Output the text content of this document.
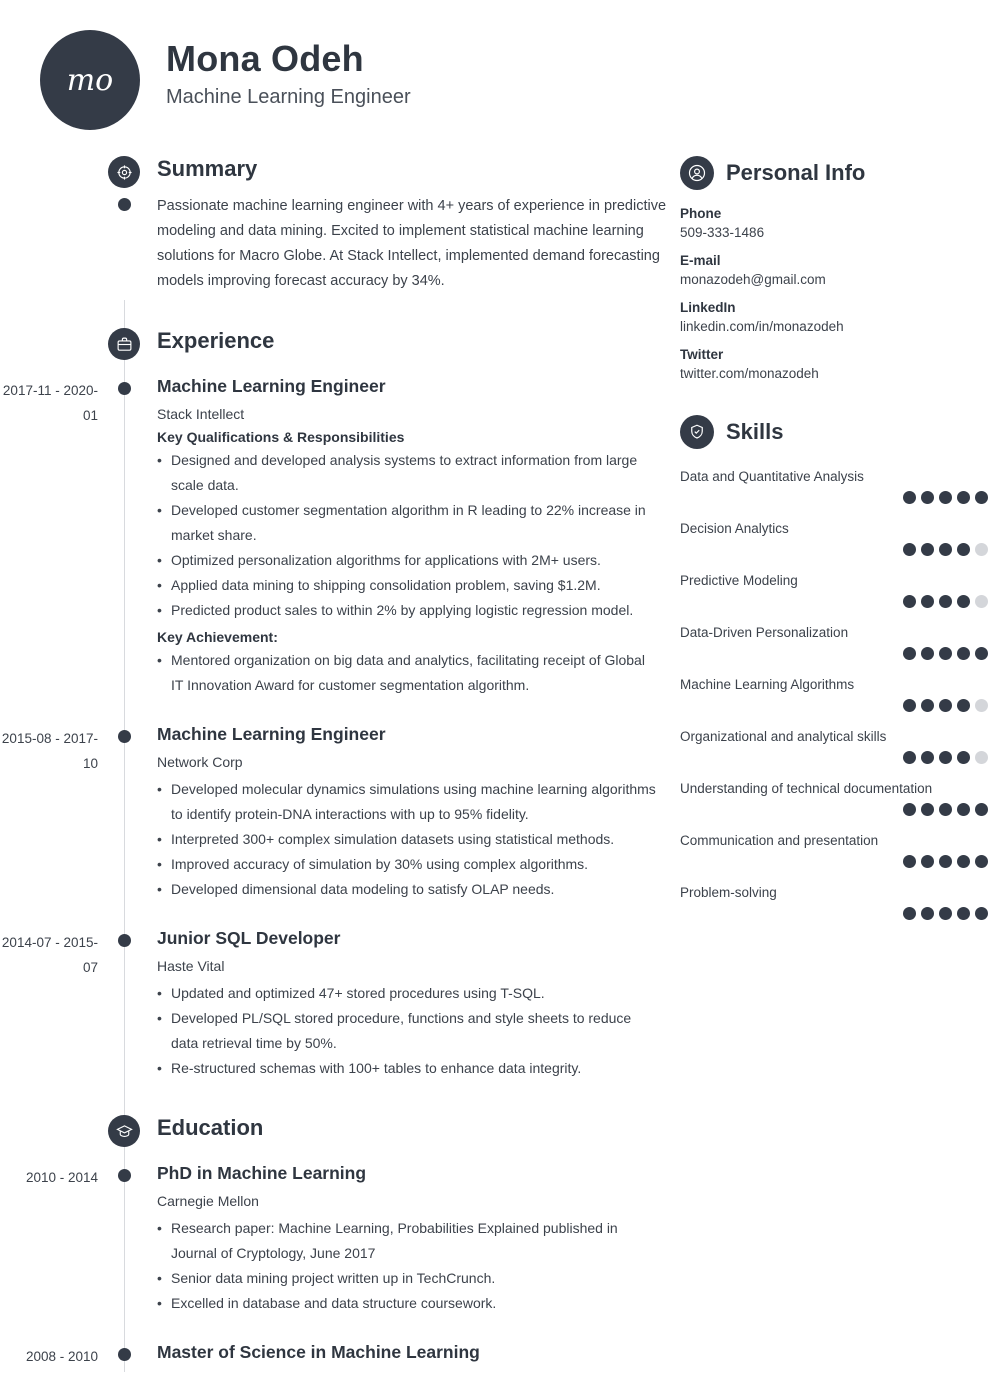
mo
Mona Odeh
Machine Learning Engineer
Summary
Passionate machine learning engineer with 4+ years of experience in predictive modeling and data mining. Excited to implement statistical machine learning solutions for Macro Globe. At Stack Intellect, implemented demand forecasting models improving forecast accuracy by 34%.
Experience
2017-11 - 2020-01
Machine Learning Engineer
Stack Intellect
Key Qualifications & Responsibilities
• Designed and developed analysis systems to extract information from large scale data.
• Developed customer segmentation algorithm in R leading to 22% increase in market share.
• Optimized personalization algorithms for applications with 2M+ users.
• Applied data mining to shipping consolidation problem, saving $1.2M.
• Predicted product sales to within 2% by applying logistic regression model.
Key Achievement:
• Mentored organization on big data and analytics, facilitating receipt of Global IT Innovation Award for customer segmentation algorithm.
2015-08 - 2017-10
Machine Learning Engineer
Network Corp
• Developed molecular dynamics simulations using machine learning algorithms to identify protein-DNA interactions with up to 95% fidelity.
• Interpreted 300+ complex simulation datasets using statistical methods.
• Improved accuracy of simulation by 30% using complex algorithms.
• Developed dimensional data modeling to satisfy OLAP needs.
2014-07 - 2015-07
Junior SQL Developer
Haste Vital
• Updated and optimized 47+ stored procedures using T-SQL.
• Developed PL/SQL stored procedure, functions and style sheets to reduce data retrieval time by 50%.
• Re-structured schemas with 100+ tables to enhance data integrity.
Education
2010 - 2014	PhD in Machine Learning
Carnegie Mellon
• Research paper: Machine Learning, Probabilities Explained published in Journal of Cryptology, June 2017
• Senior data mining project written up in TechCrunch.
• Excelled in database and data structure coursework.
2008 - 2010	Master of Science in Machine Learning
Personal Info
Phone
509-333-1486
E-mail
monazodeh@gmail.com
LinkedIn
linkedin.com/in/monazodeh
Twitter
twitter.com/monazodeh
Skills
Data and Quantitative Analysis
Decision Analytics
Predictive Modeling
Data-Driven Personalization
Machine Learning Algorithms
Organizational and analytical skills
Understanding of technical documentation
Communication and presentation
Problem-solving
